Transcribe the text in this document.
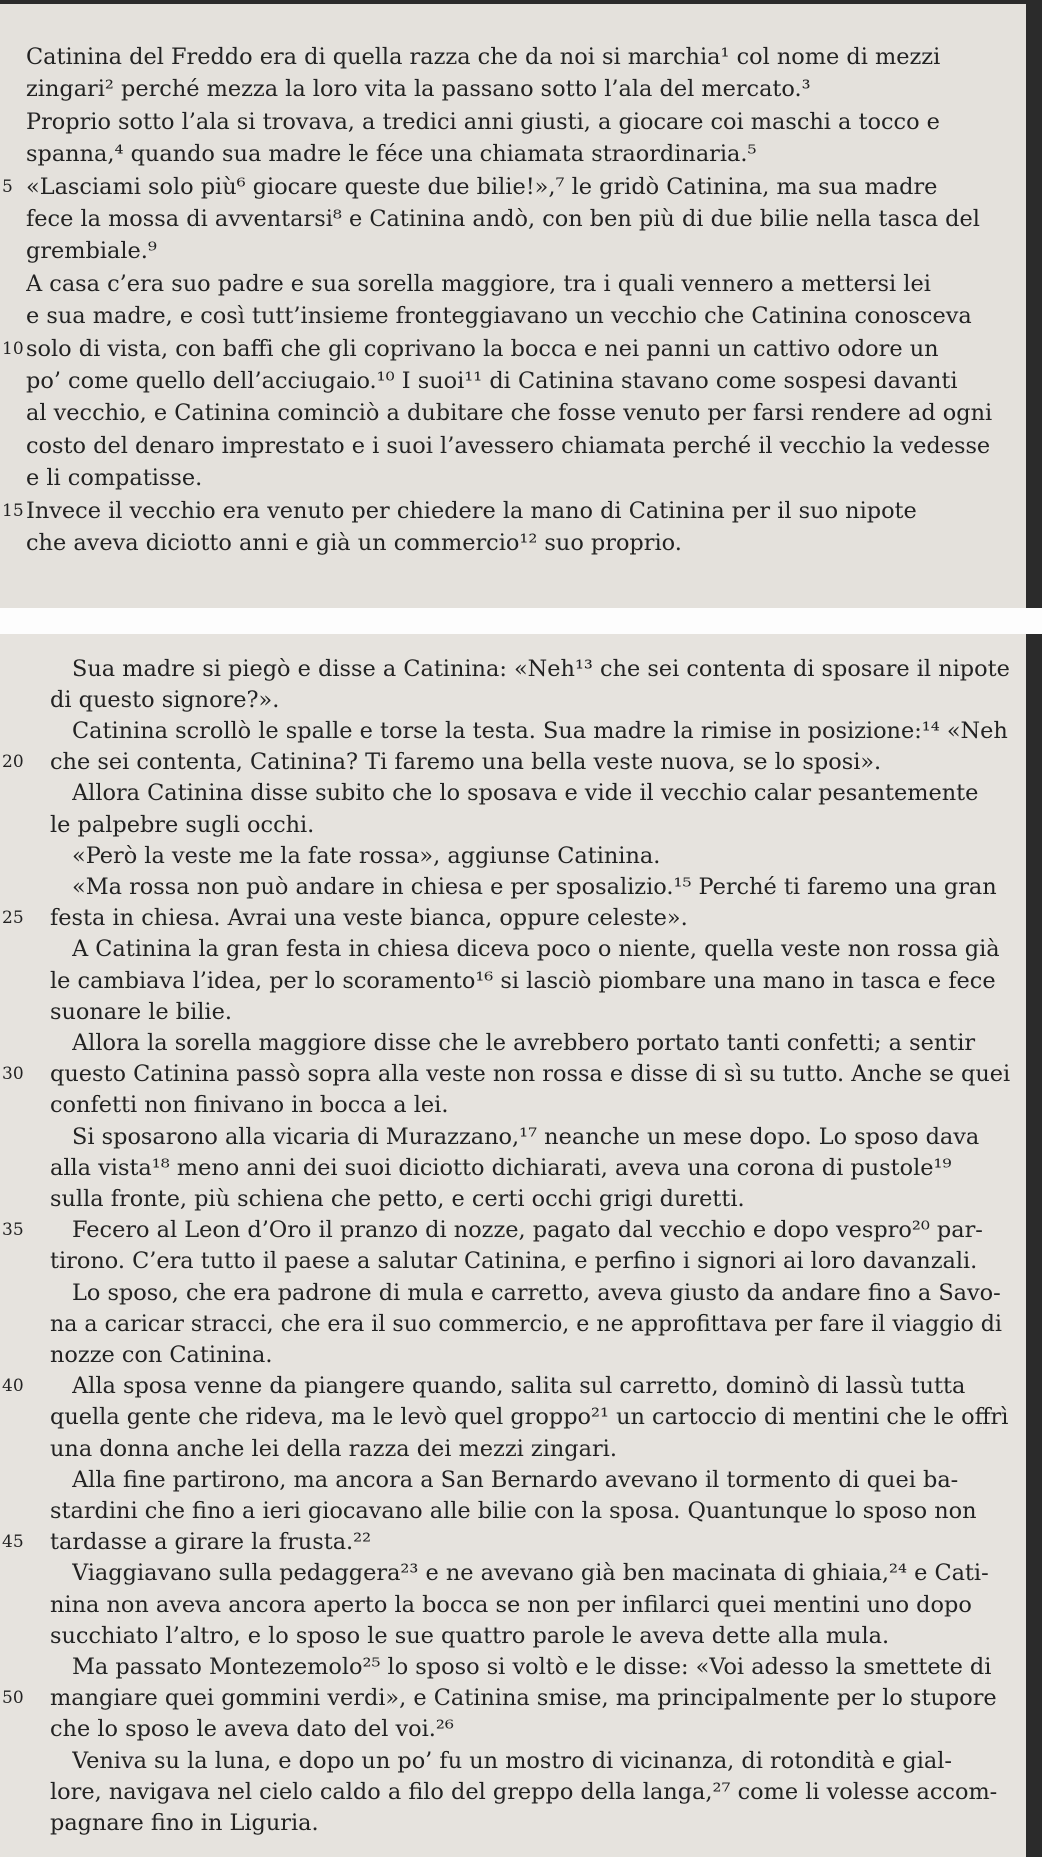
Catinina del Freddo era di quella razza che da noi si marchia¹ col nome di mezzi
zingari² perché mezza la loro vita la passano sotto l’ala del mercato.³
Proprio sotto l’ala si trovava, a tredici anni giusti, a giocare coi maschi a tocco e
spanna,⁴ quando sua madre le féce una chiamata straordinaria.⁵
«Lasciami solo più⁶ giocare queste due bilie!»,⁷ le gridò Catinina, ma sua madre
fece la mossa di avventarsi⁸ e Catinina andò, con ben più di due bilie nella tasca del
grembiale.⁹
A casa c’era suo padre e sua sorella maggiore, tra i quali vennero a mettersi lei
e sua madre, e così tutt’insieme fronteggiavano un vecchio che Catinina conosceva
solo di vista, con baffi che gli coprivano la bocca e nei panni un cattivo odore un
po’ come quello dell’acciugaio.¹⁰ I suoi¹¹ di Catinina stavano come sospesi davanti
al vecchio, e Catinina cominciò a dubitare che fosse venuto per farsi rendere ad ogni
costo del denaro imprestato e i suoi l’avessero chiamata perché il vecchio la vedesse
e li compatisse.
Invece il vecchio era venuto per chiedere la mano di Catinina per il suo nipote
che aveva diciotto anni e già un commercio¹² suo proprio.
5
10
15
Sua madre si piegò e disse a Catinina: «Neh¹³ che sei contenta di sposare il nipote
di questo signore?».
Catinina scrollò le spalle e torse la testa. Sua madre la rimise in posizione:¹⁴ «Neh
che sei contenta, Catinina? Ti faremo una bella veste nuova, se lo sposi».
Allora Catinina disse subito che lo sposava e vide il vecchio calar pesantemente
le palpebre sugli occhi.
«Però la veste me la fate rossa», aggiunse Catinina.
«Ma rossa non può andare in chiesa e per sposalizio.¹⁵ Perché ti faremo una gran
festa in chiesa. Avrai una veste bianca, oppure celeste».
A Catinina la gran festa in chiesa diceva poco o niente, quella veste non rossa già
le cambiava l’idea, per lo scoramento¹⁶ si lasciò piombare una mano in tasca e fece
suonare le bilie.
Allora la sorella maggiore disse che le avrebbero portato tanti confetti; a sentir
questo Catinina passò sopra alla veste non rossa e disse di sì su tutto. Anche se quei
confetti non finivano in bocca a lei.
Si sposarono alla vicaria di Murazzano,¹⁷ neanche un mese dopo. Lo sposo dava
alla vista¹⁸ meno anni dei suoi diciotto dichiarati, aveva una corona di pustole¹⁹
sulla fronte, più schiena che petto, e certi occhi grigi duretti.
Fecero al Leon d’Oro il pranzo di nozze, pagato dal vecchio e dopo vespro²⁰ par-
tirono. C’era tutto il paese a salutar Catinina, e perfino i signori ai loro davanzali.
Lo sposo, che era padrone di mula e carretto, aveva giusto da andare fino a Savo-
na a caricar stracci, che era il suo commercio, e ne approfittava per fare il viaggio di
nozze con Catinina.
Alla sposa venne da piangere quando, salita sul carretto, dominò di lassù tutta
quella gente che rideva, ma le levò quel groppo²¹ un cartoccio di mentini che le offrì
una donna anche lei della razza dei mezzi zingari.
Alla fine partirono, ma ancora a San Bernardo avevano il tormento di quei ba-
stardini che fino a ieri giocavano alle bilie con la sposa. Quantunque lo sposo non
tardasse a girare la frusta.²²
Viaggiavano sulla pedaggera²³ e ne avevano già ben macinata di ghiaia,²⁴ e Cati-
nina non aveva ancora aperto la bocca se non per infilarci quei mentini uno dopo
succhiato l’altro, e lo sposo le sue quattro parole le aveva dette alla mula.
Ma passato Montezemolo²⁵ lo sposo si voltò e le disse: «Voi adesso la smettete di
mangiare quei gommini verdi», e Catinina smise, ma principalmente per lo stupore
che lo sposo le aveva dato del voi.²⁶
Veniva su la luna, e dopo un po’ fu un mostro di vicinanza, di rotondità e gial-
lore, navigava nel cielo caldo a filo del greppo della langa,²⁷ come li volesse accom-
pagnare fino in Liguria.
20
25
30
35
40
45
50
